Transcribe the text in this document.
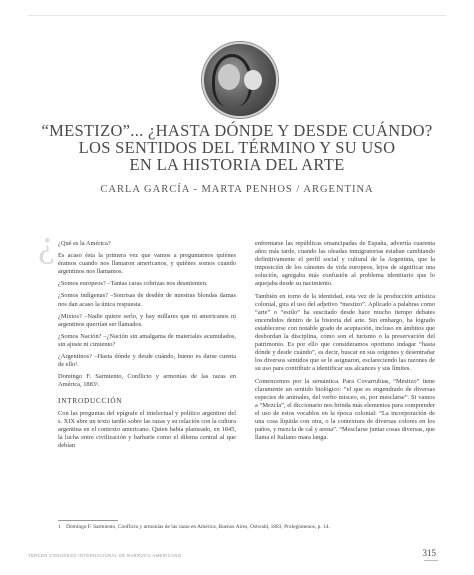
“MESTIZO”... ¿HASTA DÓNDE Y DESDE CUÁNDO?
LOS SENTIDOS DEL TÉRMINO Y SU USO
EN LA HISTORIA DEL ARTE
CARLA GARCÍA - MARTA PENHOS / ARGENTINA
¿ ¿Qué es la América?

Es acaso ésta la primera vez que vamos a preguntarnos quiénes éramos cuando nos llamaron americanos, y quiénes somos cuando argentinos nos llamamos.

¿Somos europeos? –Tantas caras cobrizas nos desmienten.

¿Somos indígenas? –Sonrisas de desdén de nuestras blondas damas nos dan acaso la única respuesta.

¿Mixtos? –Nadie quiere serlo, y hay millares que ni americanos ni argentinos querrían ser llamados.

¿Somos Nación? –¿Nación sin amalgama de materiales acumulados, sin ajuste ni cimiento?

¿Argentinos? –Hasta dónde y desde cuándo, bueno es darse cuenta de ello¹.

Domingo F. Sarmiento, Conflicto y armonías de las razas en América, 1883¹.

INTRODUCCIÓN

Con las preguntas del epígrafe el intelectual y político argentino del s. XIX abre un texto tardío sobre las razas y su relación con la cultura argentina en el contexto americano. Quien había planteado, en 1845, la lucha entre civilización y barbarie como el dilema central al que debían

enfrentarse las repúblicas emancipadas de España, advertía cuarenta años más tarde, cuando las oleadas inmigratorias estaban cambiando definitivamente el perfil social y cultural de la Argentina, que la imposición de los cánones de vida europeos, lejos de significar una solución, agregaba más confusión al problema identitario que lo aquejaba desde su nacimiento.

También en torno de la identidad, esta vez de la producción artística colonial, gira el uso del adjetivo “mestizo”. Aplicado a palabras como “arte” o “estilo” ha suscitado desde hace mucho tiempo debates encendidos dentro de la historia del arte. Sin embargo, ha logrado establecerse con notable grado de aceptación, incluso en ámbitos que desbordan la disciplina, como son el turismo o la preservación del patrimonio. Es por ello que consideramos oportuno indagar “hasta dónde y desde cuándo”, es decir, buscar en sus orígenes y desentrañar los diversos sentidos que se le asignaron, esclareciendo las razones de su uso para contribuir a identificar sus alcances y sus límites.

Comencemos por la semántica. Para Covarrubias, “Mestizo” tiene claramente un sentido biológico: “el que es engendrado de diversas especies de animales, del verbo misceo, es, por mesclarse”. Si vamos a “Mezcla”, el diccionario nos brinda más elementos para comprender el uso de estos vocablos en la época colonial: “La incorporación de una cosa líquida con otra, o la contextura de diversas colores en los paños, y mezcla de cal y arena”. “Mesclarse juntar cosas diversas, que llama el Italiano mara langa.

1 Domingo F. Sarmiento, Conflicto y armonías de las razas en América, Buenos Aires, Ostwald, 1883, Prolegómenos, p. 14.
TERCER CONGRESO INTERNACIONAL DE BARROCO AMERICANO	315
